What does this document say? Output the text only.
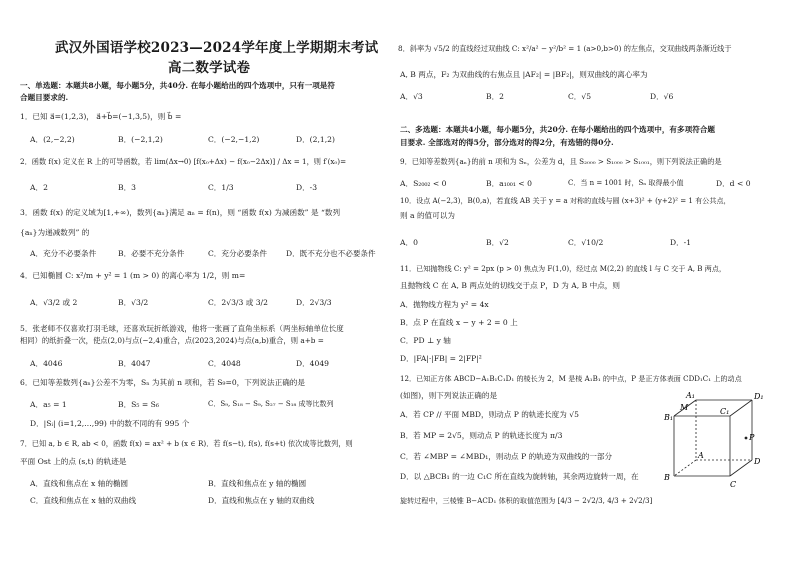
武汉外国语学校2023—2024学年度上学期期末考试
高二数学试卷
一、单选题：本题共8小题，每小题5分，共40分. 在每小题给出的四个选项中，只有一项是符
合题目要求的.
1．已知 a⃗=(1,2,3)， a⃗+b⃗=(−1,3,5)，则 b⃗ =
A．(2,−2,2)	B．(−2,1,2)	C．(−2,−1,2)	D．(2,1,2)
2．函数 f(x) 定义在 R 上的可导函数，若 lim(Δx→0) [f(x₀+Δx) − f(x₀−2Δx)] / Δx = 1，则 f′(x₀)=
A．2	B．3	C．1/3	D．-3
3．函数 f(x) 的定义域为[1,+∞)，数列{aₙ}满足 aₙ = f(n)，则 “函数 f(x) 为减函数” 是 “数列
{aₙ}为递减数列” 的
A．充分不必要条件	B．必要不充分条件	C．充分必要条件	D．既不充分也不必要条件
4．已知椭圆 C: x²/m + y² = 1 (m > 0) 的离心率为 1/2，则 m=
A．√3/2 或 2	B．√3/2	C．2√3/3 或 3/2	D．2√3/3
5．张老师不仅喜欢打羽毛球，还喜欢玩折纸游戏，他将一张画了直角坐标系（两坐标轴单位长度
相同）的纸折叠一次，使点(2,0)与点(−2,4)重合，点(2023,2024)与点(a,b)重合，则 a+b =
A．4046	B．4047	C．4048	D．4049
6．已知等差数列{aₙ}公差不为零，Sₙ 为其前 n 项和，若 S₉=0，下列说法正确的是
A．a₅ = 1	B．S₅ = S₆	C．S₉, S₁₈ − S₉, S₂₇ − S₁₈ 成等比数列
D．|Sᵢ| (i=1,2,…,99) 中的数不同的有 995 个
7．已知 a, b ∈ R, ab < 0，函数 f(x) = ax² + b (x ∈ R)．若 f(s−t), f(s), f(s+t) 依次成等比数列，则
平面 Ost 上的点 (s,t) 的轨迹是
A．直线和焦点在 x 轴的椭圆	B．直线和焦点在 y 轴的椭圆
C．直线和焦点在 x 轴的双曲线	D．直线和焦点在 y 轴的双曲线
8．斜率为 √5/2 的直线经过双曲线 C: x²/a² − y²/b² = 1 (a>0,b>0) 的左焦点，交双曲线两条渐近线于
A, B 两点，F₂ 为双曲线的右焦点且 |AF₂| = |BF₂|，则双曲线的离心率为
A．√3	B．2	C．√5	D．√6
二、多选题：本题共4小题，每小题5分，共20分. 在每小题给出的四个选项中，有多项符合题
目要求. 全部选对的得5分，部分选对的得2分，有选错的得0分.
9．已知等差数列{aₙ}的前 n 项和为 Sₙ，公差为 d，且 S₂₀₀₀ > S₁₀₀₀ > S₁₀₀₁，则下列说法正确的是
A．S₂₀₀₂ < 0	B．a₁₀₀₁ < 0	C．当 n = 1001 时，Sₙ 取得最小值	D．d < 0
10．设点 A(−2,3)，B(0,a)，若直线 AB 关于 y = a 对称的直线与圆 (x+3)² + (y+2)² = 1 有公共点，
则 a 的值可以为
A．0	B．√2	C．√10/2	D．-1
11．已知抛物线 C: y² = 2px (p > 0) 焦点为 F(1,0)，经过点 M(2,2) 的直线 l 与 C 交于 A, B 两点，
且抛物线 C 在 A, B 两点处的切线交于点 P，D 为 A, B 中点，则
A．抛物线方程为 y² = 4x
B．点 P 在直线 x − y + 2 = 0 上
C．PD ⊥ y 轴
D．|FA|·|FB| = 2|FP|²
12．已知正方体 ABCD−A₁B₁C₁D₁ 的棱长为 2，M 是棱 A₁B₁ 的中点，P 是正方体表面 CDD₁C₁ 上的动点
(如图)，则下列说法正确的是
A．若 CP // 平面 MBD，则动点 P 的轨迹长度为 √5
B．若 MP = 2√5，则动点 P 的轨迹长度为 π/3
C．若 ∠MBP = ∠MBD₁，则动点 P 的轨迹为双曲线的一部分
D．以 △BCB₁ 的一边 C₁C 所在直线为旋转轴，其余两边旋转一周，在
旋转过程中，三棱锥 B−ACD₁ 体积的取值范围为 [4/3 − 2√2/3, 4/3 + 2√2/3]
A₁
M
B₁
C₁
D₁
A
B
C
D
P
